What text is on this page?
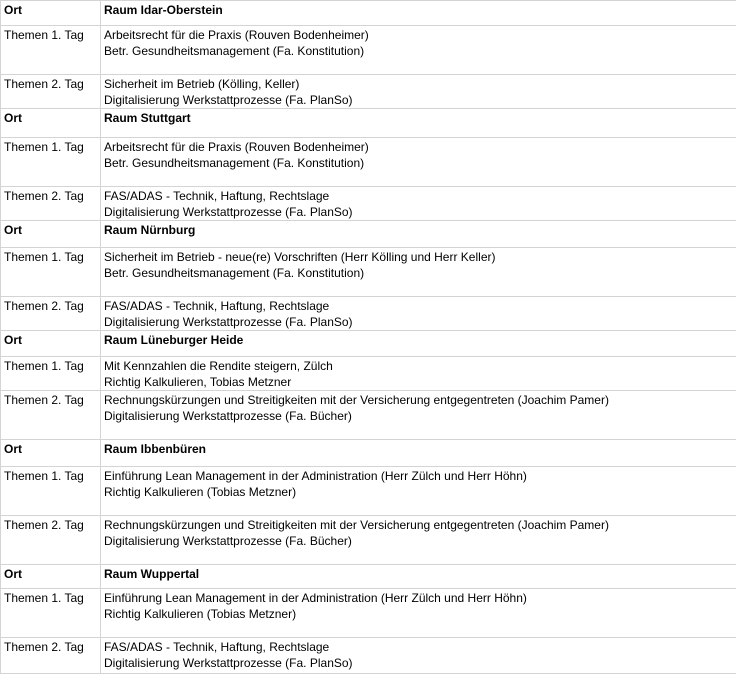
Ort	Raum Idar-Oberstein
Themen 1. Tag	Arbeitsrecht für die Praxis (Rouven Bodenheimer)
Betr. Gesundheitsmanagement (Fa. Konstitution)

Themen 2. Tag	Sicherheit im Betrieb (Kölling, Keller)
Digitalisierung Werkstattprozesse (Fa. PlanSo)

Ort	Raum Stuttgart
Themen 1. Tag	Arbeitsrecht für die Praxis (Rouven Bodenheimer)
Betr. Gesundheitsmanagement (Fa. Konstitution)

Themen 2. Tag	FAS/ADAS - Technik, Haftung, Rechtslage
Digitalisierung Werkstattprozesse (Fa. PlanSo)

Ort	Raum Nürnburg
Themen 1. Tag	Sicherheit im Betrieb - neue(re) Vorschriften (Herr Kölling und Herr Keller)
Betr. Gesundheitsmanagement (Fa. Konstitution)

Themen 2. Tag	FAS/ADAS - Technik, Haftung, Rechtslage
Digitalisierung Werkstattprozesse (Fa. PlanSo)

Ort	Raum Lüneburger Heide
Themen 1. Tag	Mit Kennzahlen die Rendite steigern, Zülch
Richtig Kalkulieren, Tobias Metzner

Themen 2. Tag	Rechnungskürzungen und Streitigkeiten mit der Versicherung entgegentreten (Joachim Pamer)
Digitalisierung Werkstattprozesse (Fa. Bücher)

Ort	Raum Ibbenbüren
Themen 1. Tag	Einführung Lean Management in der Administration (Herr Zülch und Herr Höhn)
Richtig Kalkulieren (Tobias Metzner)

Themen 2. Tag	Rechnungskürzungen und Streitigkeiten mit der Versicherung entgegentreten (Joachim Pamer)
Digitalisierung Werkstattprozesse (Fa. Bücher)

Ort	Raum Wuppertal
Themen 1. Tag	Einführung Lean Management in der Administration (Herr Zülch und Herr Höhn)
Richtig Kalkulieren (Tobias Metzner)

Themen 2. Tag	FAS/ADAS - Technik, Haftung, Rechtslage
Digitalisierung Werkstattprozesse (Fa. PlanSo)
